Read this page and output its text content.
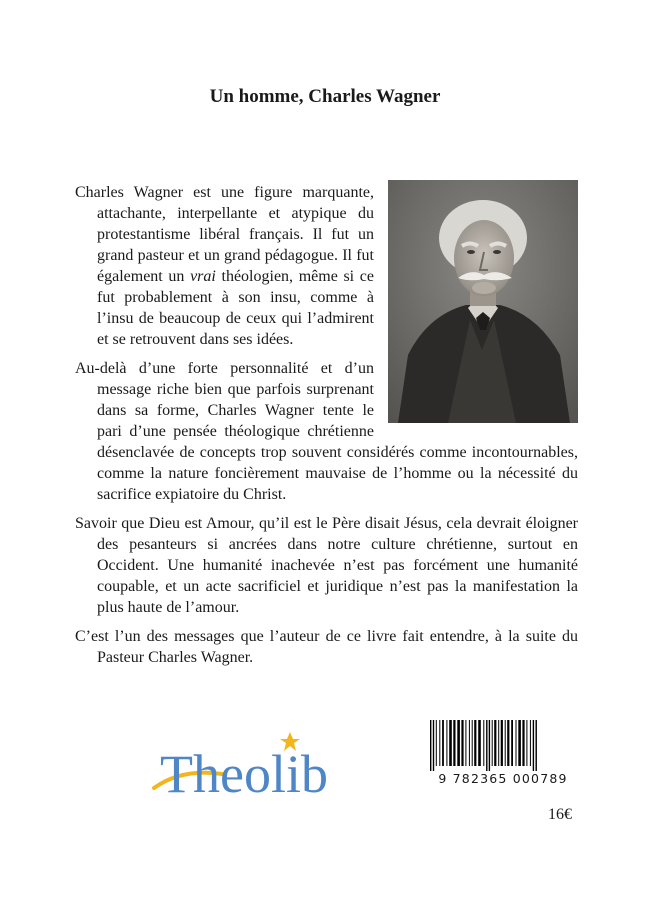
Un homme, Charles Wagner

Charles Wagner est une figure marquante, attachante, interpellante et atypique du protestantisme libéral français. Il fut un grand pasteur et un grand pédagogue. Il fut également un vrai théologien, même si ce fut probablement à son insu, comme à l’insu de beaucoup de ceux qui l’admirent et se retrouvent dans ses idées.

Au-delà d’une forte personnalité et d’un message riche bien que parfois surprenant dans sa forme, Charles Wagner tente le pari d’une pensée théologique chrétienne désenclavée de concepts trop souvent considérés comme incontournables, comme la nature foncièrement mauvaise de l’homme ou la nécessité du sacrifice expiatoire du Christ.

Savoir que Dieu est Amour, qu’il est le Père disait Jésus, cela devrait éloigner des pesanteurs si ancrées dans notre culture chrétienne, surtout en Occident. Une humanité inachevée n’est pas forcément une humanité coupable, et un acte sacrificiel et juridique n’est pas la manifestation la plus haute de l’amour.

C’est l’un des messages que l’auteur de ce livre fait entendre, à la suite du Pasteur Charles Wagner.

Theolib	9 782365 000789
16€
